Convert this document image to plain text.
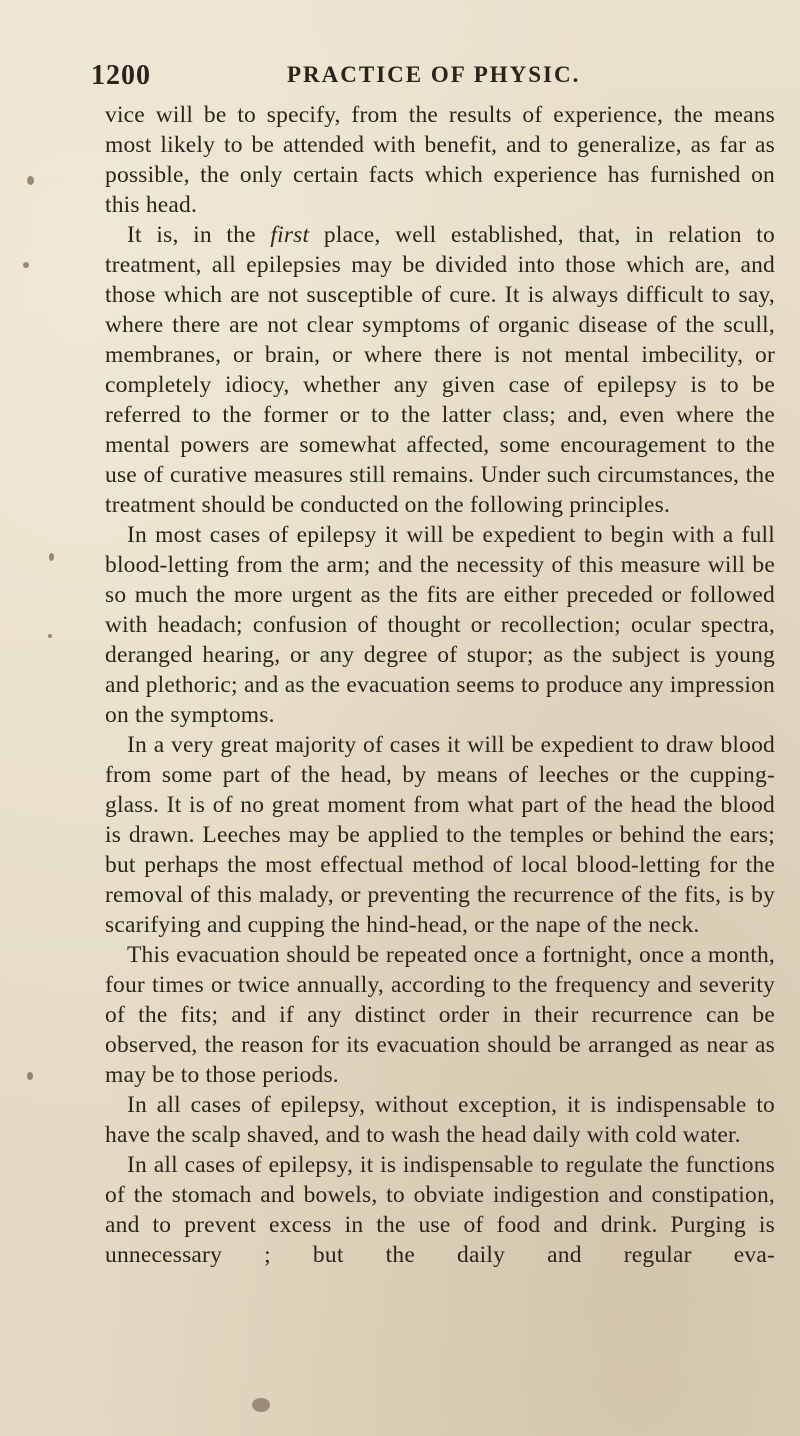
1200	PRACTICE OF PHYSIC.

vice will be to specify, from the results of experience, the means most likely to be attended with benefit, and to generalize, as far as possible, the only certain facts which experience has furnished on this head.

It is, in the first place, well established, that, in relation to treatment, all epilepsies may be divided into those which are, and those which are not susceptible of cure. It is always difficult to say, where there are not clear symptoms of organic disease of the scull, membranes, or brain, or where there is not mental imbecility, or completely idiocy, whether any given case of epilepsy is to be referred to the former or to the latter class; and, even where the mental powers are somewhat affected, some encouragement to the use of curative measures still remains. Under such circumstances, the treatment should be conducted on the following principles.

In most cases of epilepsy it will be expedient to begin with a full blood-letting from the arm; and the necessity of this measure will be so much the more urgent as the fits are either preceded or followed with headach; confusion of thought or recollection; ocular spectra, deranged hearing, or any degree of stupor; as the subject is young and plethoric; and as the evacuation seems to produce any impression on the symptoms.

In a very great majority of cases it will be expedient to draw blood from some part of the head, by means of leeches or the cupping-glass. It is of no great moment from what part of the head the blood is drawn. Leeches may be applied to the temples or behind the ears; but perhaps the most effectual method of local blood-letting for the removal of this malady, or preventing the recurrence of the fits, is by scarifying and cupping the hind-head, or the nape of the neck.

This evacuation should be repeated once a fortnight, once a month, four times or twice annually, according to the frequency and severity of the fits; and if any distinct order in their recurrence can be observed, the reason for its evacuation should be arranged as near as may be to those periods.

In all cases of epilepsy, without exception, it is indispensable to have the scalp shaved, and to wash the head daily with cold water.

In all cases of epilepsy, it is indispensable to regulate the functions of the stomach and bowels, to obviate indigestion and constipation, and to prevent excess in the use of food and drink. Purging is unnecessary ; but the daily and regular eva-
